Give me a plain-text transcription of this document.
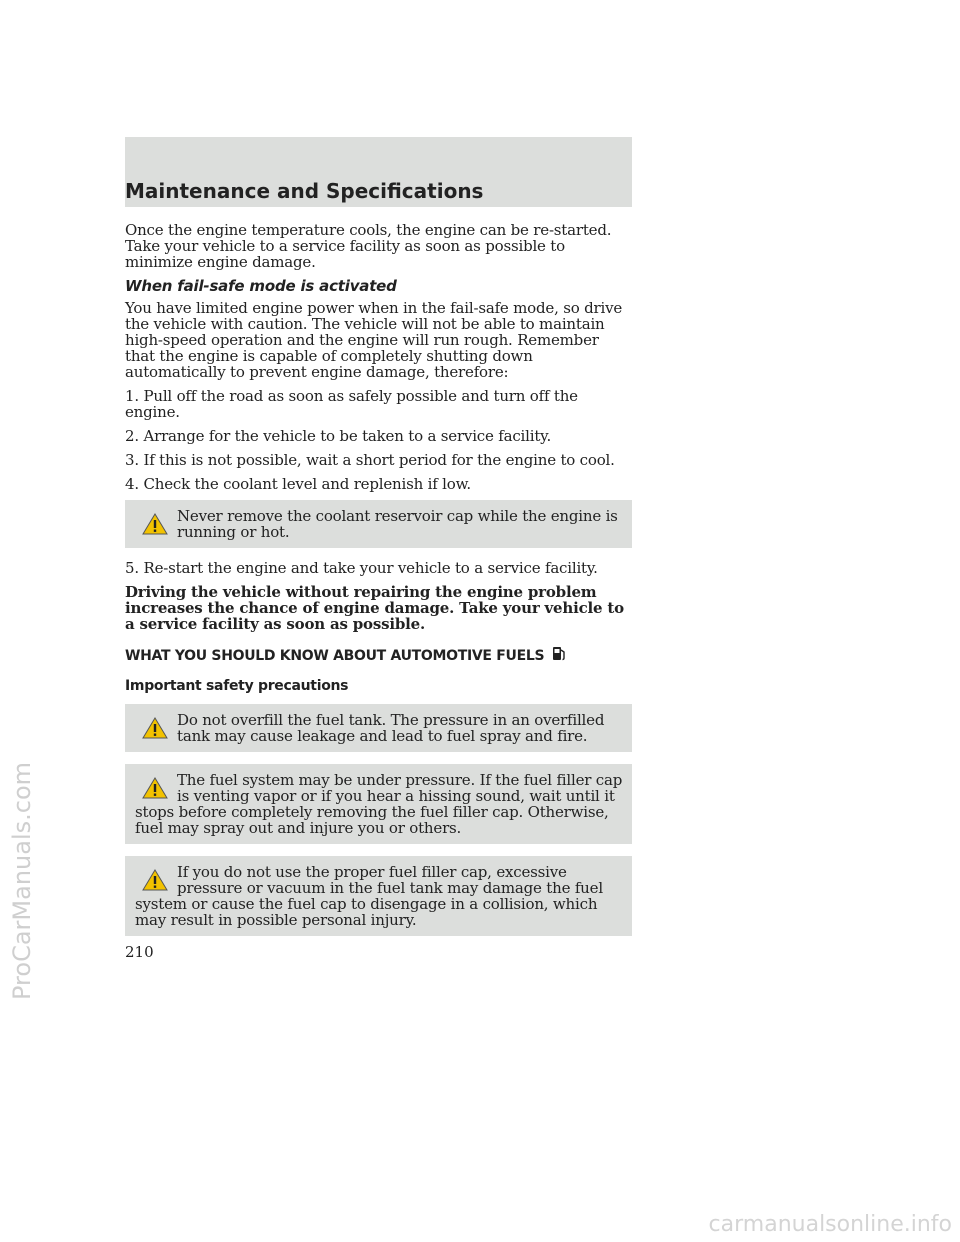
Maintenance and Specifications

Once the engine temperature cools, the engine can be re-started. Take your vehicle to a service facility as soon as possible to minimize engine damage.

When fail-safe mode is activated

You have limited engine power when in the fail-safe mode, so drive the vehicle with caution. The vehicle will not be able to maintain high-speed operation and the engine will run rough. Remember that the engine is capable of completely shutting down automatically to prevent engine damage, therefore:

1. Pull off the road as soon as safely possible and turn off the engine.

2. Arrange for the vehicle to be taken to a service facility.

3. If this is not possible, wait a short period for the engine to cool.

4. Check the coolant level and replenish if low.

Never remove the coolant reservoir cap while the engine is running or hot.

5. Re-start the engine and take your vehicle to a service facility.

Driving the vehicle without repairing the engine problem increases the chance of engine damage. Take your vehicle to a service facility as soon as possible.

WHAT YOU SHOULD KNOW ABOUT AUTOMOTIVE FUELS
Important safety precautions
Do not overfill the fuel tank. The pressure in an overfilled tank may cause leakage and lead to fuel spray and fire.
The fuel system may be under pressure. If the fuel filler cap is venting vapor or if you hear a hissing sound, wait until it stops before completely removing the fuel filler cap. Otherwise, fuel may spray out and injure you or others.
If you do not use the proper fuel filler cap, excessive pressure or vacuum in the fuel tank may damage the fuel system or cause the fuel cap to disengage in a collision, which may result in possible personal injury.
210
ProCarManuals.com
carmanualsonline.info
